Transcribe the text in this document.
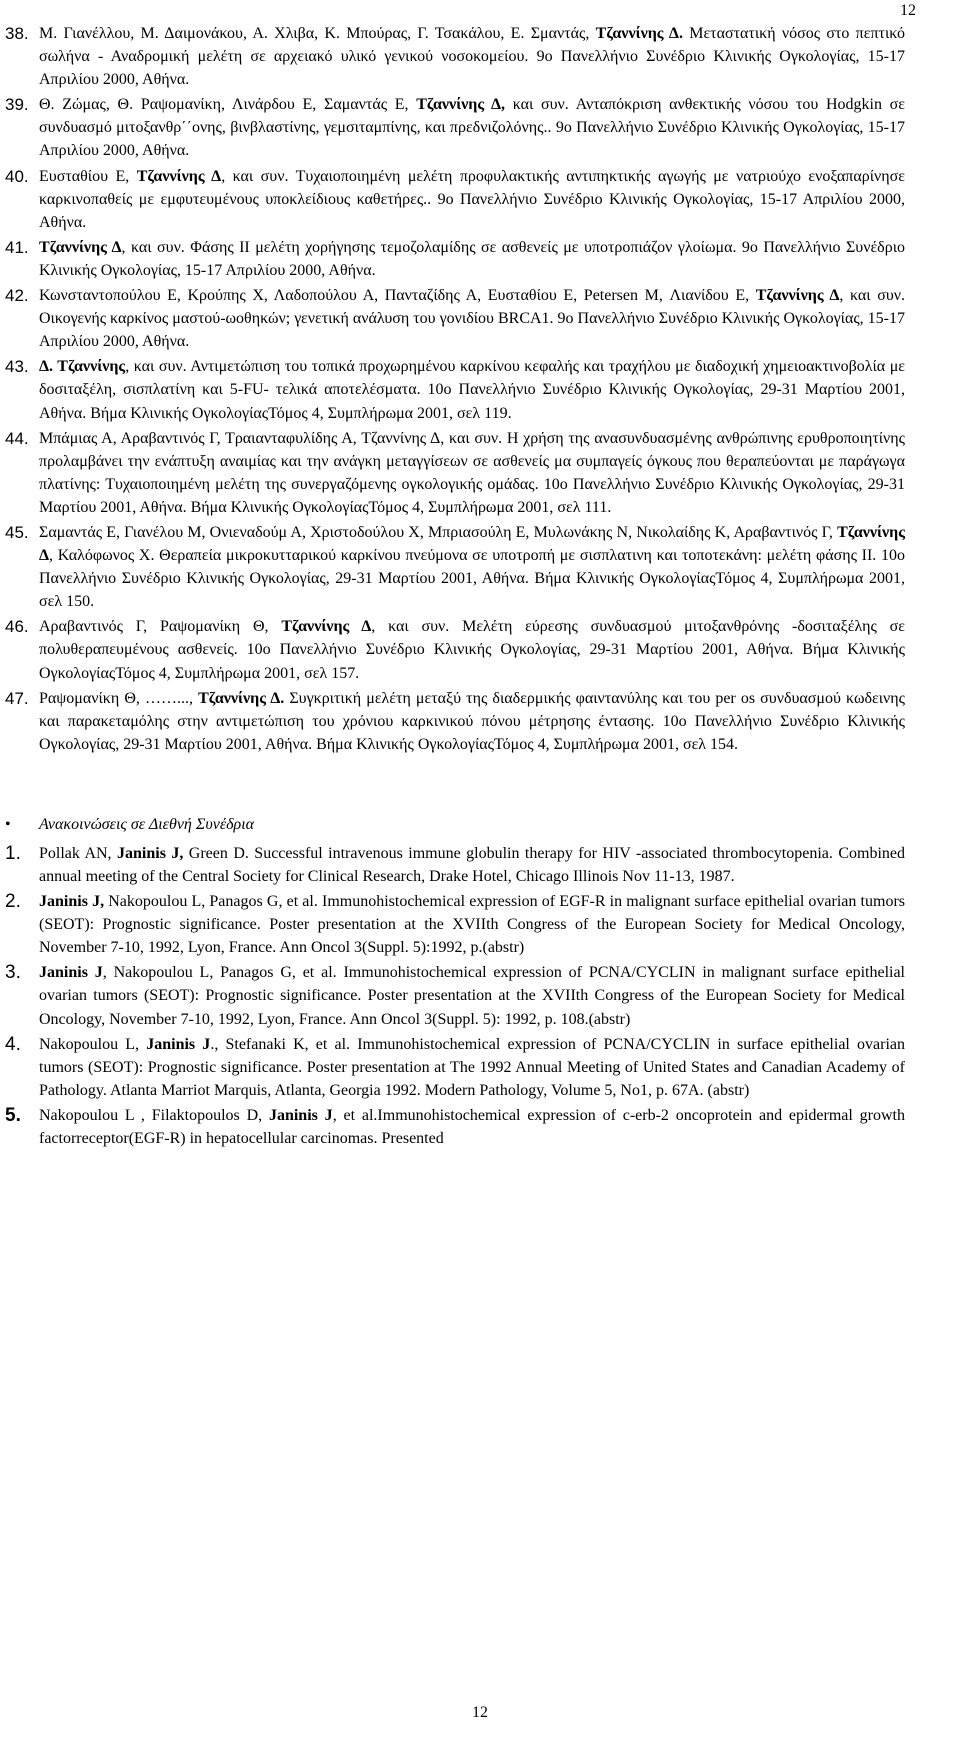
12
38. Μ. Γιανέλλου, Μ. Δαιμονάκου, Α. Χλιβα, Κ. Μπούρας, Γ. Τσακάλου, Ε. Σμαντάς, Τζαννίνης Δ. Μεταστατική νόσος στο πεπτικό σωλήνα - Αναδρομική μελέτη σε αρχειακό υλικό γενικού νοσοκομείου. 9ο Πανελλήνιο Συνέδριο Κλινικής Ογκολογίας, 15-17 Απριλίου 2000, Αθήνα.
39. Θ. Ζώμας, Θ. Ραψομανίκη, Λινάρδου Ε, Σαμαντάς Ε, Τζαννίνης Δ, και συν. Ανταπόκριση ανθεκτικής νόσου του Hodgkin σε συνδυασμό μιτοξανθρ΄΄ονης, βινβλαστίνης, γεμσιταμπίνης, και πρεδνιζολόνης.. 9ο Πανελλήνιο Συνέδριο Κλινικής Ογκολογίας, 15-17 Απριλίου 2000, Αθήνα.
40. Ευσταθίου Ε, Τζαννίνης Δ, και συν. Τυχαιοποιημένη μελέτη προφυλακτικής αντιπηκτικής αγωγής με νατριούχο ενοξαπαρίνησε καρκινοπαθείς με εμφυτευμένους υποκλείδιους καθετήρες.. 9ο Πανελλήνιο Συνέδριο Κλινικής Ογκολογίας, 15-17 Απριλίου 2000, Αθήνα.
41. Τζαννίνης Δ, και συν. Φάσης ΙΙ μελέτη χορήγησης τεμοζολαμίδης σε ασθενείς με υποτροπιάζον γλοίωμα. 9ο Πανελλήνιο Συνέδριο Κλινικής Ογκολογίας, 15-17 Απριλίου 2000, Αθήνα.
42. Κωνσταντοπούλου Ε, Κρούπης Χ, Λαδοπούλου Α, Πανταζίδης Α, Ευσταθίου Ε, Petersen M, Λιανίδου Ε, Τζαννίνης Δ, και συν. Οικογενής καρκίνος μαστού-ωοθηκών; γενετική ανάλυση του γονιδίου BRCA1. 9ο Πανελλήνιο Συνέδριο Κλινικής Ογκολογίας, 15-17 Απριλίου 2000, Αθήνα.
43. Δ. Τζαννίνης, και συν. Αντιμετώπιση του τοπικά προχωρημένου καρκίνου κεφαλής και τραχήλου με διαδοχική χημειοακτινοβολία με δοσιταξέλη, σισπλατίνη και 5-FU- τελικά αποτελέσματα. 10ο Πανελλήνιο Συνέδριο Κλινικής Ογκολογίας, 29-31 Μαρτίου 2001, Αθήνα. Βήμα Κλινικής ΟγκολογίαςΤόμος 4, Συμπλήρωμα 2001, σελ 119.
44. Μπάμιας Α, Αραβαντινός Γ, Τραιανταφυλίδης Α, Τζαννίνης Δ, και συν. Η χρήση της ανασυνδυασμένης ανθρώπινης ερυθροποιητίνης προλαμβάνει την ενάπτυξη αναιμίας και την ανάγκη μεταγγίσεων σε ασθενείς μα συμπαγείς όγκους που θεραπεύονται με παράγωγα πλατίνης: Τυχαιοποιημένη μελέτη της συνεργαζόμενης ογκολογικής ομάδας. 10ο Πανελλήνιο Συνέδριο Κλινικής Ογκολογίας, 29-31 Μαρτίου 2001, Αθήνα. Βήμα Κλινικής ΟγκολογίαςΤόμος 4, Συμπλήρωμα 2001, σελ 111.
45. Σαμαντάς Ε, Γιανέλου Μ, Ονιεναδούμ Α, Χριστοδούλου Χ, Μπριασούλη Ε, Μυλωνάκης Ν, Νικολαίδης Κ, Αραβαντινός Γ, Τζαννίνης Δ, Καλόφωνος Χ. Θεραπεία μικροκυτταρικού καρκίνου πνεύμονα σε υποτροπή με σισπλατινη και τοποτεκάνη: μελέτη φάσης ΙΙ. 10ο Πανελλήνιο Συνέδριο Κλινικής Ογκολογίας, 29-31 Μαρτίου 2001, Αθήνα. Βήμα Κλινικής ΟγκολογίαςΤόμος 4, Συμπλήρωμα 2001, σελ 150.
46. Αραβαντινός Γ, Ραψομανίκη Θ, Τζαννίνης Δ, και συν. Μελέτη εύρεσης συνδυασμού μιτοξανθρόνης -δοσιταξέλης σε πολυθεραπευμένους ασθενείς. 10ο Πανελλήνιο Συνέδριο Κλινικής Ογκολογίας, 29-31 Μαρτίου 2001, Αθήνα. Βήμα Κλινικής ΟγκολογίαςΤόμος 4, Συμπλήρωμα 2001, σελ 157.
47. Ραψομανίκη Θ, ……..., Τζαννίνης Δ. Συγκριτική μελέτη μεταξύ της διαδερμικής φαιντανύλης και του per os συνδυασμού κωδεινης και παρακεταμόλης στην αντιμετώπιση του χρόνιου καρκινικού πόνου μέτρησης έντασης. 10ο Πανελλήνιο Συνέδριο Κλινικής Ογκολογίας, 29-31 Μαρτίου 2001, Αθήνα. Βήμα Κλινικής ΟγκολογίαςΤόμος 4, Συμπλήρωμα 2001, σελ 154.
• Ανακοινώσεις σε Διεθνή Συνέδρια
1. Pollak AN, Janinis J, Green D. Successful intravenous immune globulin therapy for HIV -associated thrombocytopenia. Combined annual meeting of the Central Society for Clinical Research, Drake Hotel, Chicago Illinois Nov 11-13, 1987.
2. Janinis J, Nakopoulou L, Panagos G, et al. Immunohistochemical expression of EGF-R in malignant surface epithelial ovarian tumors (SEOT): Prognostic significance. Poster presentation at the XVIIth Congress of the European Society for Medical Oncology, November 7-10, 1992, Lyon, France. Ann Oncol 3(Suppl. 5):1992, p.(abstr)
3. Janinis J, Nakopoulou L, Panagos G, et al. Immunohistochemical expression of PCNA/CYCLIN in malignant surface epithelial ovarian tumors (SEOT): Prognostic significance. Poster presentation at the XVIIth Congress of the European Society for Medical Oncology, November 7-10, 1992, Lyon, France. Ann Oncol 3(Suppl. 5): 1992, p. 108.(abstr)
4. Nakopoulou L, Janinis J., Stefanaki K, et al. Immunohistochemical expression of PCNA/CYCLIN in surface epithelial ovarian tumors (SEOT): Prognostic significance. Poster presentation at The 1992 Annual Meeting of United States and Canadian Academy of Pathology. Atlanta Marriot Marquis, Atlanta, Georgia 1992. Modern Pathology, Volume 5, No1, p. 67A. (abstr)
5. Nakopoulou L , Filaktopoulos D, Janinis J, et al.Immunohistochemical expression of c-erb-2 oncoprotein and epidermal growth factorreceptor(EGF-R) in hepatocellular carcinomas. Presented
12
